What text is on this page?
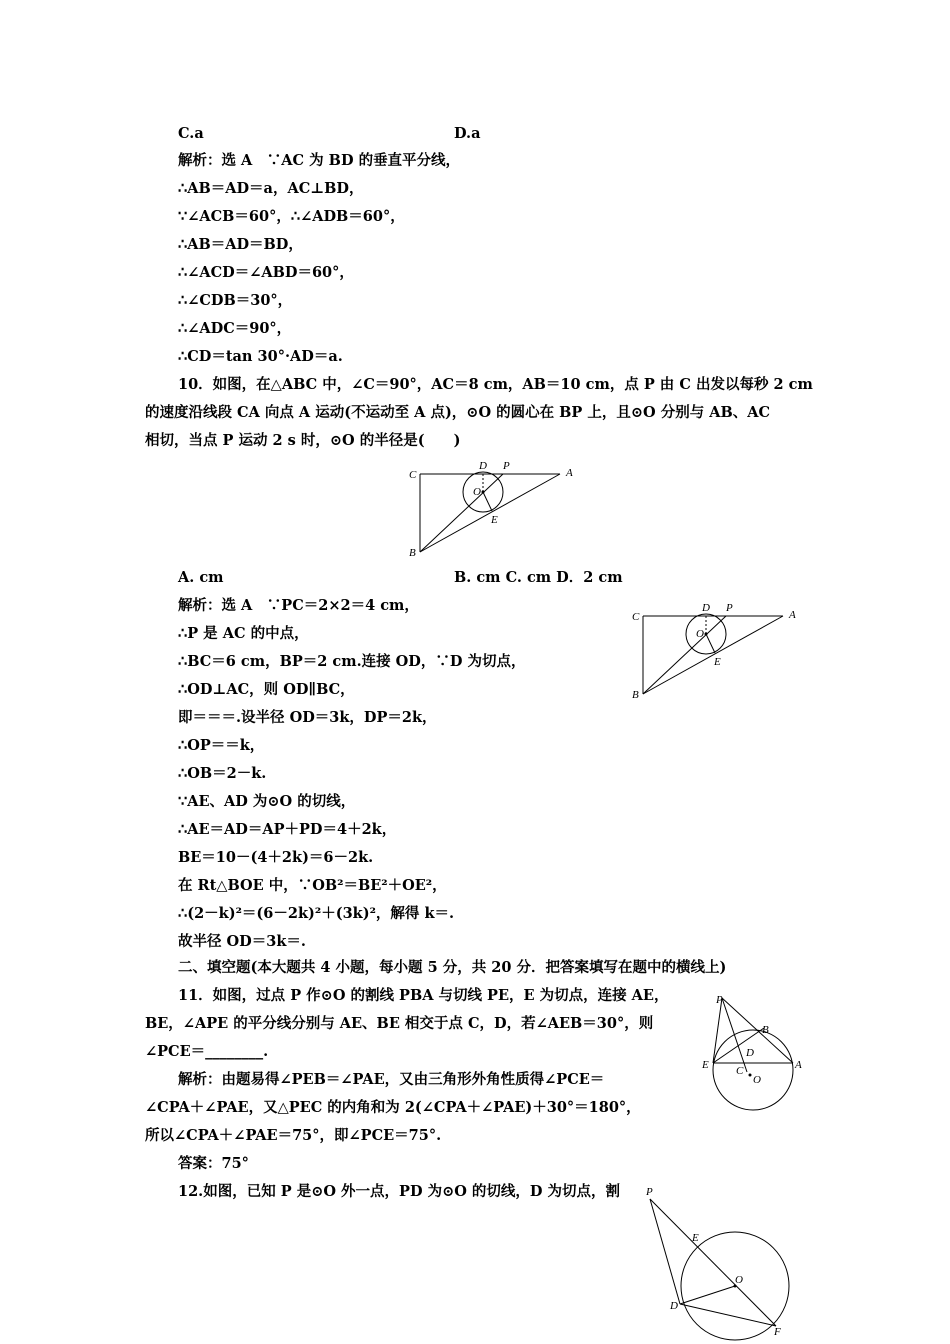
C.a	D.a
解析：选 A　∵AC 为 BD 的垂直平分线，
∴AB＝AD＝a，AC⊥BD，
∵∠ACB＝60°，∴∠ADB＝60°，
∴AB＝AD＝BD，
∴∠ACD＝∠ABD＝60°，
∴∠CDB＝30°，
∴∠ADC＝90°，
∴CD＝tan 30°·AD＝a.
10．如图，在△ABC 中，∠C＝90°，AC＝8 cm，AB＝10 cm，点 P 由 C 出发以每秒 2 cm
的速度沿线段 CA 向点 A 运动(不运动至 A 点)，⊙O 的圆心在 BP 上，且⊙O 分别与 AB、AC
相切，当点 P 运动 2 s 时，⊙O 的半径是(　　)
C
D P
A
O
E
B
A. cm	B. cm C. cm D．2 cm
解析：选 A　∵PC＝2×2＝4 cm，
∴P 是 AC 的中点，
∴BC＝6 cm，BP＝2 cm.连接 OD，∵D 为切点，
∴OD⊥AC，则 OD∥BC，
即＝＝＝.设半径 OD＝3k，DP＝2k，
∴OP＝＝k，
∴OB＝2－k.
∵AE、AD 为⊙O 的切线，
∴AE＝AD＝AP＋PD＝4＋2k，
BE＝10－(4＋2k)＝6－2k.
在 Rt△BOE 中，∵OB²＝BE²＋OE²，
∴(2－k)²＝(6－2k)²＋(3k)²，解得 k＝.
故半径 OD＝3k＝.
C
D P
A
O
E
B
二、填空题(本大题共 4 小题，每小题 5 分，共 20 分．把答案填写在题中的横线上)
11．如图，过点 P 作⊙O 的割线 PBA 与切线 PE，E 为切点，连接 AE，
BE，∠APE 的平分线分别与 AE、BE 相交于点 C，D，若∠AEB＝30°，则
∠PCE＝________.
P
B
E
D
A
C
O
解析：由题易得∠PEB＝∠PAE，又由三角形外角性质得∠PCE＝
∠CPA＋∠PAE，又△PEC 的内角和为 2(∠CPA＋∠PAE)＋30°＝180°，
所以∠CPA＋∠PAE＝75°，即∠PCE＝75°.
答案：75°
12.如图，已知 P 是⊙O 外一点，PD 为⊙O 的切线，D 为切点，割 P
E
O
D
F
